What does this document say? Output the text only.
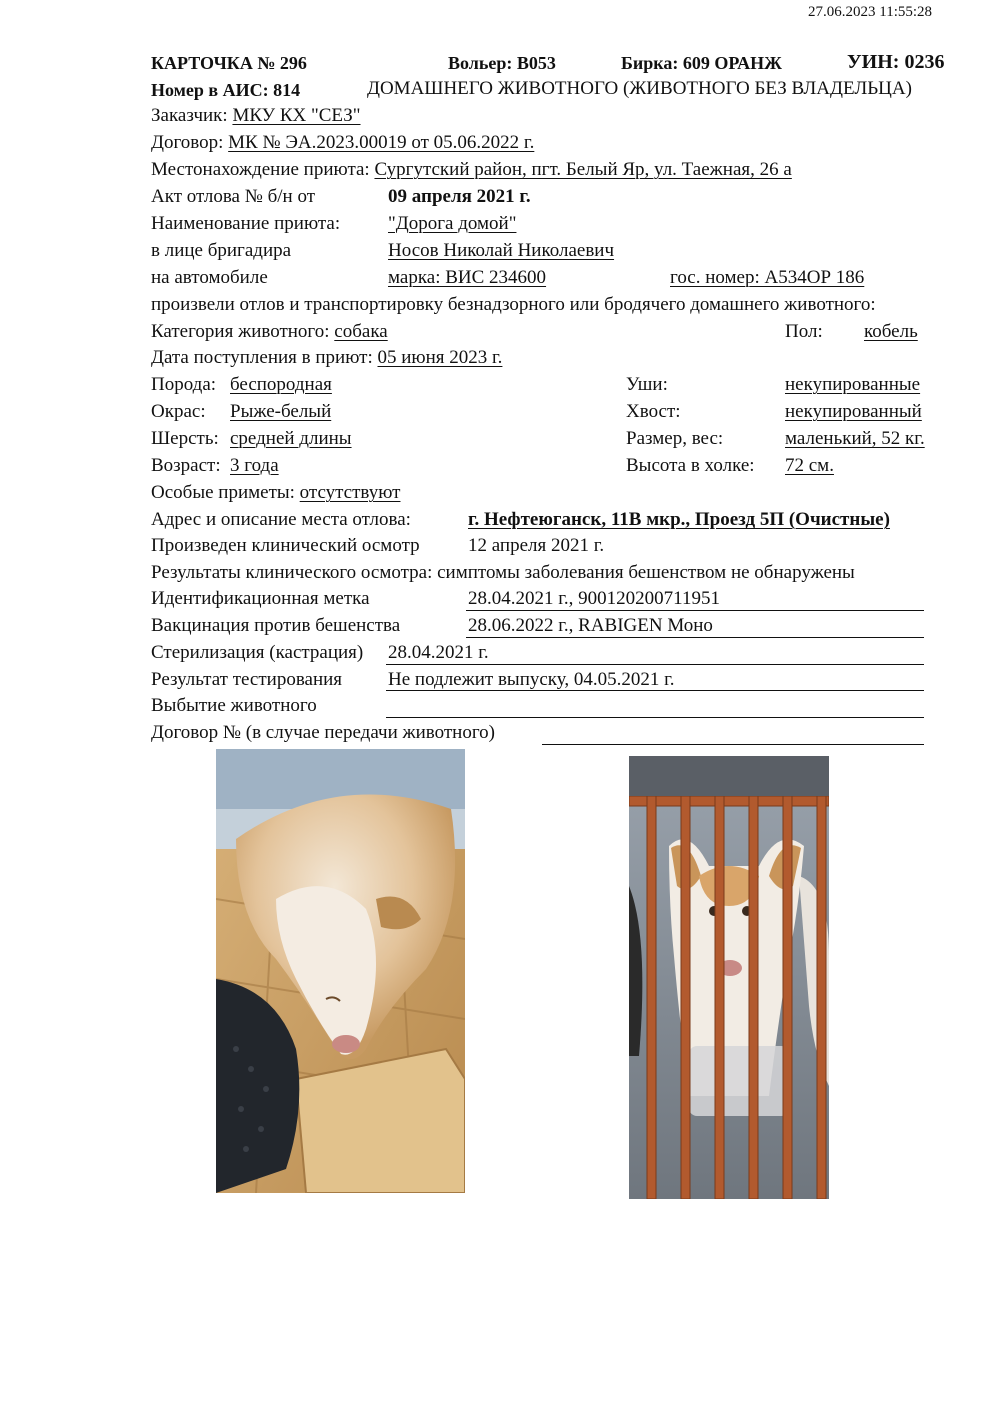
27.06.2023 11:55:28
КАРТОЧКА № 296	Вольер: В053	Бирка: 609 ОРАНЖ	УИН: 0236
Номер в АИС: 814	ДОМАШНЕГО ЖИВОТНОГО (ЖИВОТНОГО БЕЗ ВЛАДЕЛЬЦА)
Заказчик: МКУ КХ "СЕЗ"
Договор: МК № ЭА.2023.00019 от 05.06.2022 г.
Местонахождение приюта: Сургутский район, пгт. Белый Яр, ул. Таежная, 26 а
Акт отлова № б/н от	09 апреля 2021 г.
Наименование приюта:	"Дорога домой"
в лице бригадира	Носов Николай Николаевич
на автомобиле	марка: ВИС 234600	гос. номер: А534ОР 186
произвели отлов и транспортировку безнадзорного или бродячего домашнего животного:
Категория животного: собака	Пол: кобель
Дата поступления в приют: 05 июня 2023 г.
Порода: беспородная	Уши:	некупированные
Окрас: Рыже-белый	Хвост:	некупированный
Шерсть: средней длины	Размер, вес:	маленький, 52 кг.
Возраст: 3 года	Высота в холке: 72 см.
Особые приметы: отсутствуют
Адрес и описание места отлова:	г. Нефтеюганск, 11В мкр., Проезд 5П (Очистные)
Произведен клинический осмотр	12 апреля 2021 г.
Результаты клинического осмотра: симптомы заболевания бешенством не обнаружены
Идентификационная метка	28.04.2021 г., 900120200711951
Вакцинация против бешенства	28.06.2022 г., RABIGEN Моно
Стерилизация (кастрация) 28.04.2021 г.
Результат тестирования Не подлежит выпуску, 04.05.2021 г.
Выбытие животного
Договор № (в случае передачи животного)
